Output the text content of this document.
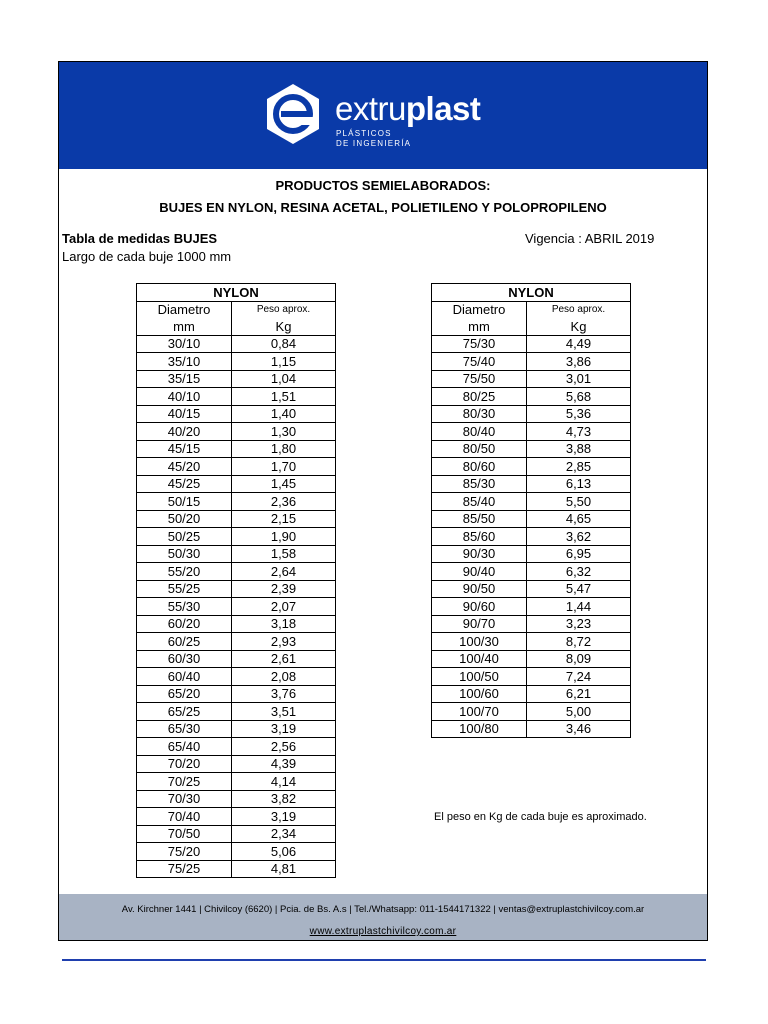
extruplast
PLÁSTICOS
DE INGENIERÍA
PRODUCTOS SEMIELABORADOS:
BUJES EN NYLON, RESINA ACETAL, POLIETILENO Y POLOPROPILENO
Tabla de medidas BUJES
Largo de cada buje 1000 mm
Vigencia : ABRIL 2019
NYLON	
Diametro	Peso aprox.
mm	Kg
30/10	0,84
35/10	1,15
35/15	1,04
40/10	1,51
40/15	1,40
40/20	1,30
45/15	1,80
45/20	1,70
45/25	1,45
50/15	2,36
50/20	2,15
50/25	1,90
50/30	1,58
55/20	2,64
55/25	2,39
55/30	2,07
60/20	3,18
60/25	2,93
60/30	2,61
60/40	2,08
65/20	3,76
65/25	3,51
65/30	3,19
65/40	2,56
70/20	4,39
70/25	4,14
70/30	3,82
70/40	3,19
70/50	2,34
75/20	5,06
75/25	4,81
NYLON	
Diametro	Peso aprox.
mm	Kg
75/30	4,49
75/40	3,86
75/50	3,01
80/25	5,68
80/30	5,36
80/40	4,73
80/50	3,88
80/60	2,85
85/30	6,13
85/40	5,50
85/50	4,65
85/60	3,62
90/30	6,95
90/40	6,32
90/50	5,47
90/60	1,44
90/70	3,23
100/30	8,72
100/40	8,09
100/50	7,24
100/60	6,21
100/70	5,00
100/80	3,46
El peso en Kg de cada buje es aproximado.
Av. Kirchner 1441 | Chivilcoy (6620) | Pcia. de Bs. A.s | Tel./Whatsapp: 011-1544171322 | ventas@extruplastchivilcoy.com.ar
www.extruplastchivilcoy.com.ar
